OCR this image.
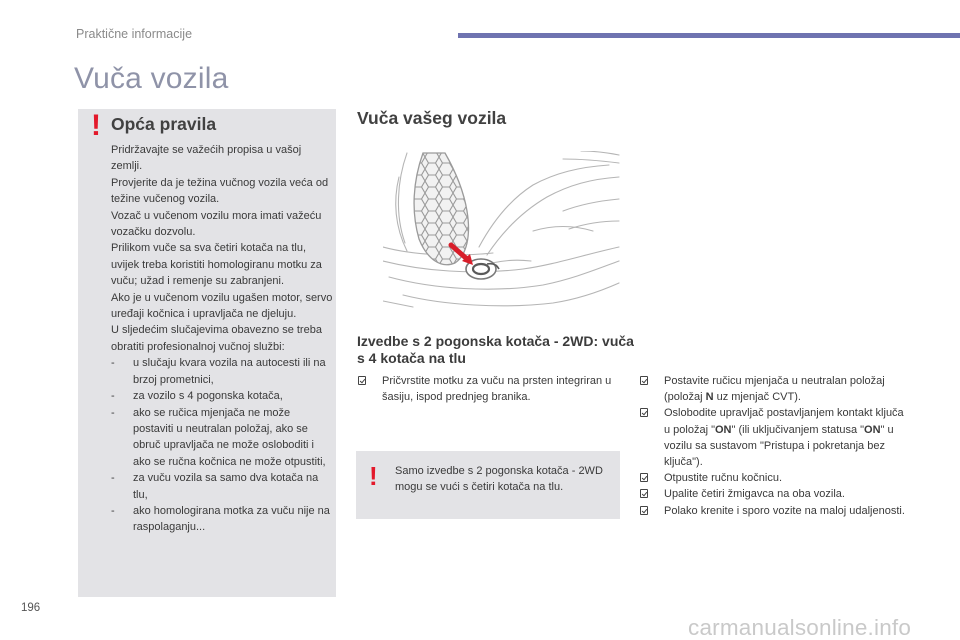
Praktične informacije
Vuča vozila
! Opća pravila

Pridržavajte se važećih propisa u vašoj zemlji.

Provjerite da je težina vučnog vozila veća od težine vučenog vozila.

Vozač u vučenom vozilu mora imati važeću vozačku dozvolu.

Prilikom vuče sa sva četiri kotača na tlu, uvijek treba koristiti homologiranu motku za vuču; užad i remenje su zabranjeni.

Ako je u vučenom vozilu ugašen motor, servo uređaji kočnica i upravljača ne djeluju.

U sljedećim slučajevima obavezno se treba obratiti profesionalnoj vučnoj službi:

- u slučaju kvara vozila na autocesti ili na brzoj prometnici,
- za vozilo s 4 pogonska kotača,
- ako se ručica mjenjača ne može postaviti u neutralan položaj, ako se obruč upravljača ne može osloboditi i ako se ručna kočnica ne može otpustiti,
- za vuču vozila sa samo dva kotača na tlu,
- ako homologirana motka za vuču nije na raspolaganju...
Vuča vašeg vozila
Izvedbe s 2 pogonska kotača - 2WD: vuča s 4 kotača na tlu
Pričvrstite motku za vuču na prsten integriran u šasiju, ispod prednjeg branika.
! Samo izvedbe s 2 pogonska kotača - 2WD mogu se vući s četiri kotača na tlu.
Postavite ručicu mjenjača u neutralan položaj (položaj N uz mjenjač CVT).
Oslobodite upravljač postavljanjem kontakt ključa u položaj "ON" (ili uključivanjem statusa "ON" u vozilu sa sustavom "Pristupa i pokretanja bez ključa").
Otpustite ručnu kočnicu.
Upalite četiri žmigavca na oba vozila.
Polako krenite i sporo vozite na maloj udaljenosti.
196
carmanualsonline.info
